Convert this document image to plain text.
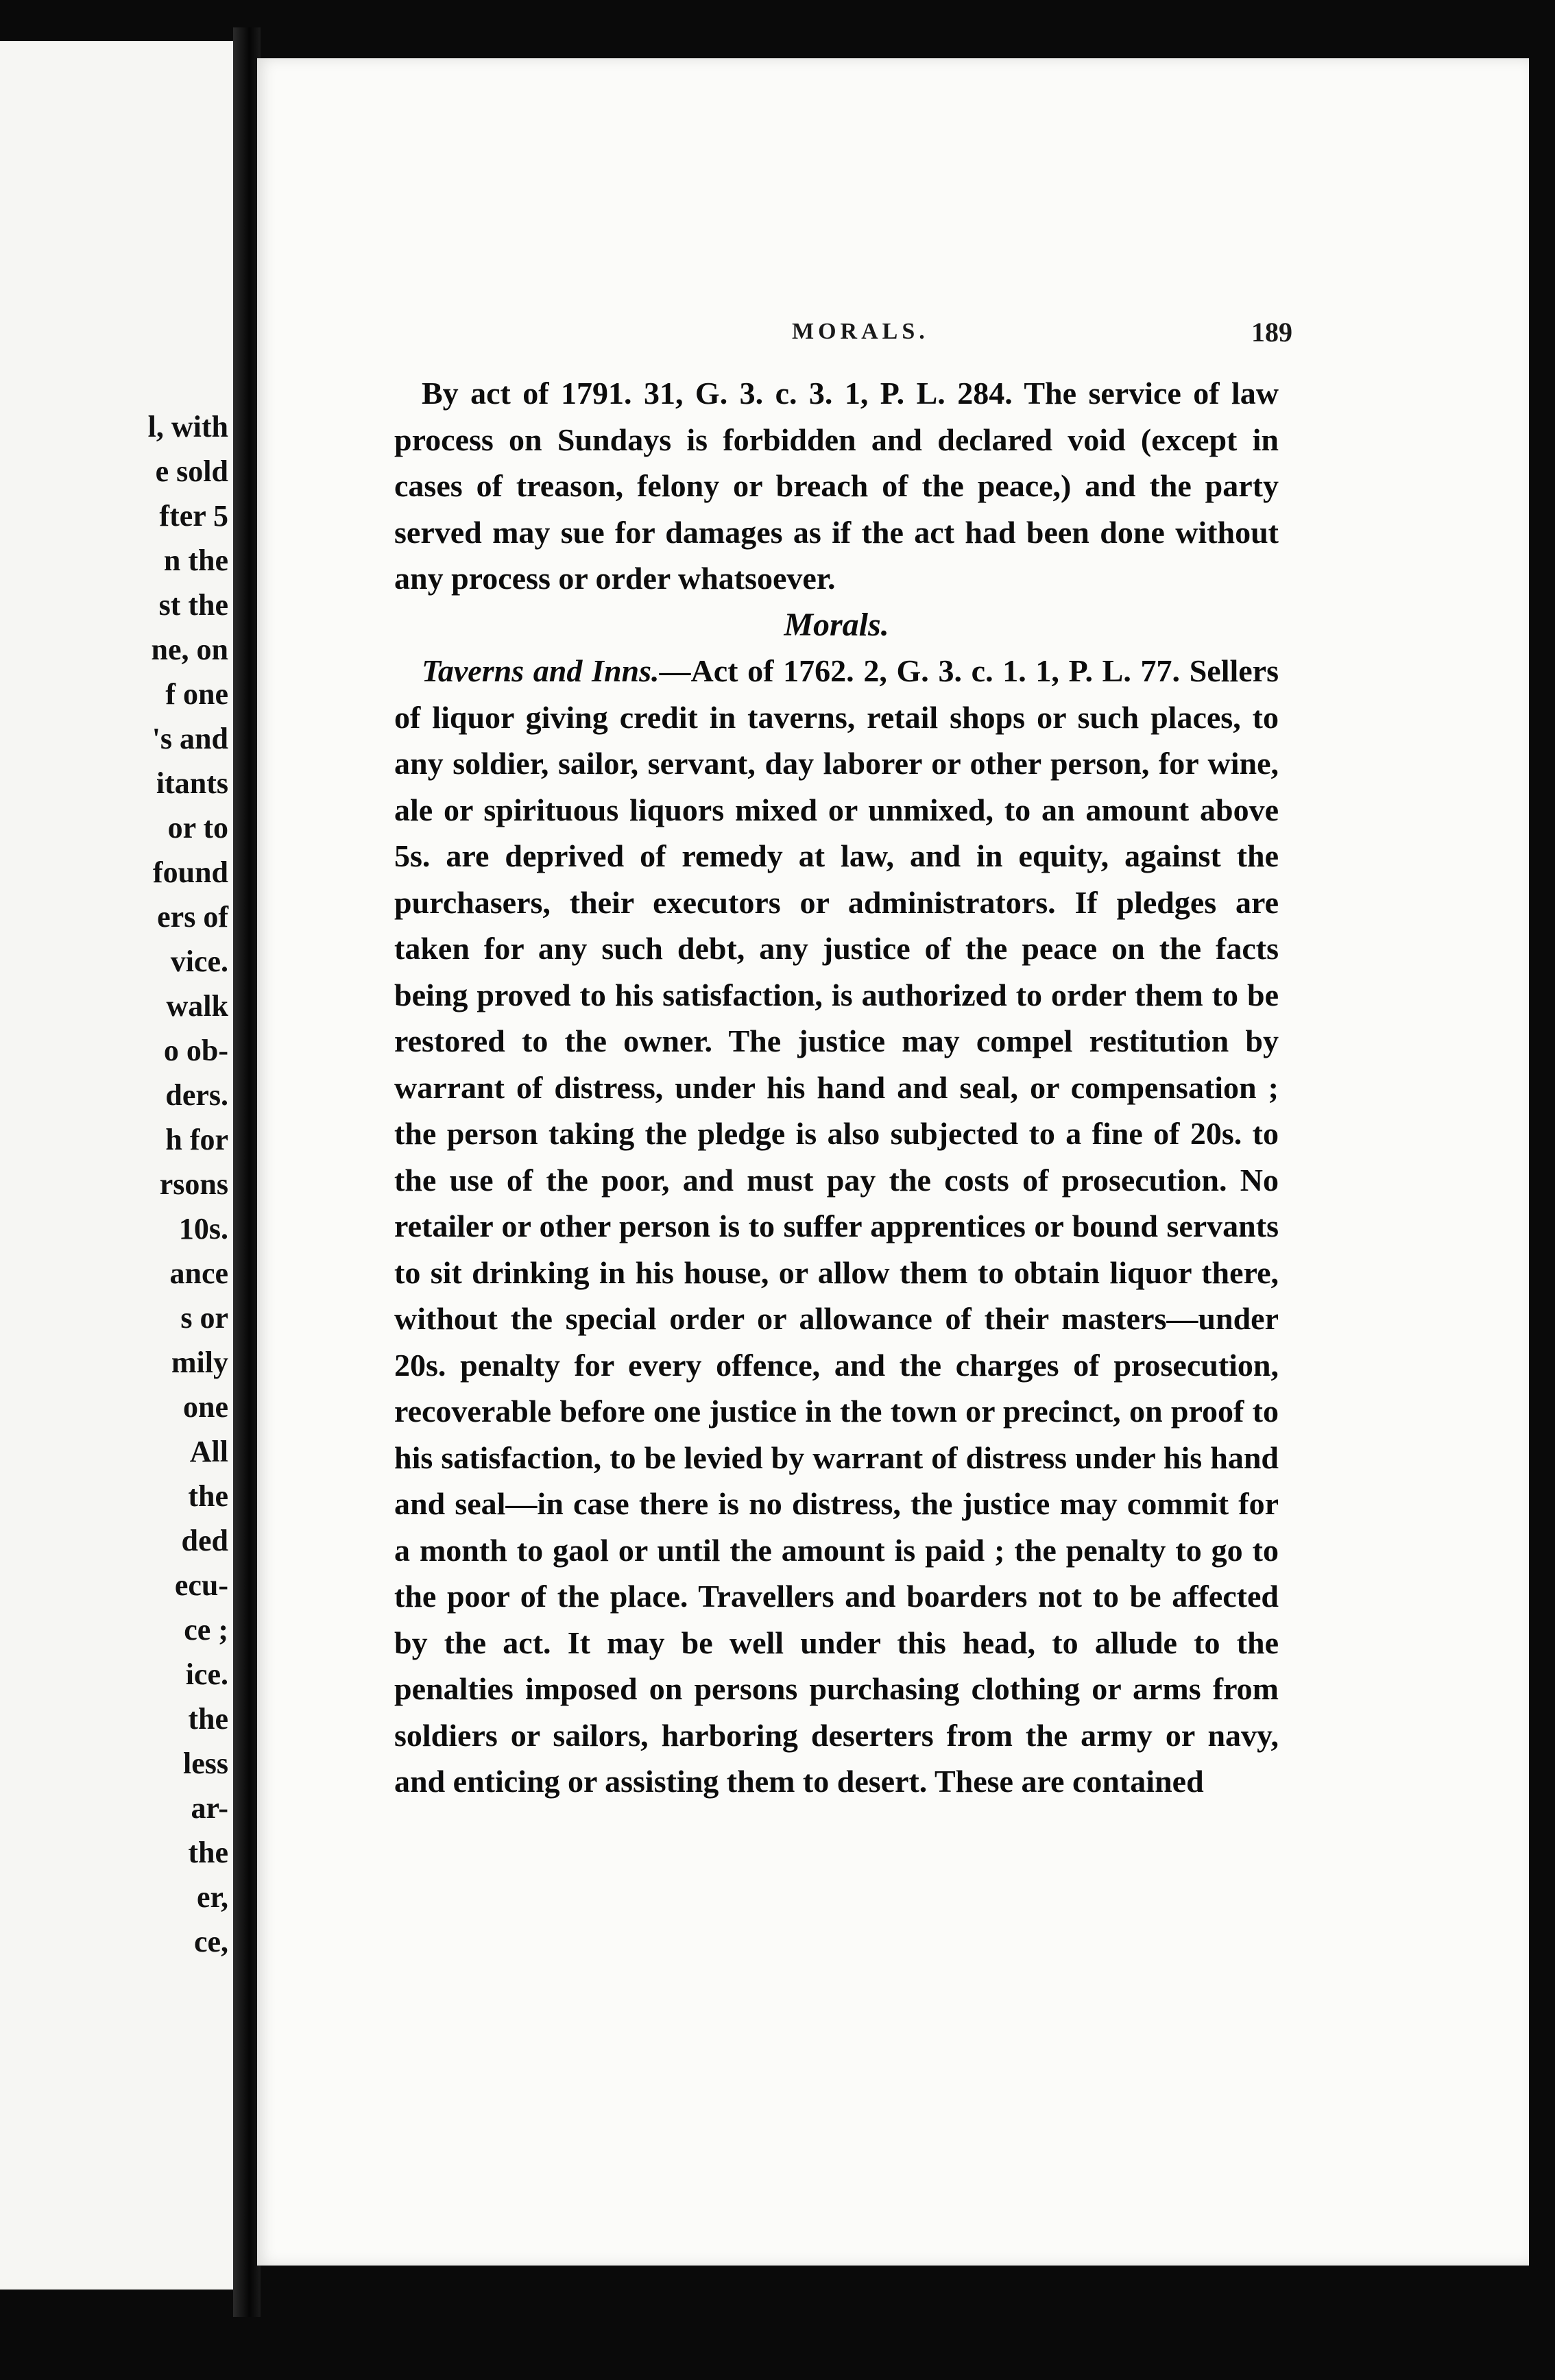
l, with
e sold
fter 5
n the
st the
ne, on
f one
's and
itants
or to
found
ers of
vice.
walk
o ob-
ders.
h for
rsons
10s.
ance
s or
mily
one
All
the
ded
ecu-
ce ;
ice.
the
less
ar-
the
er,
ce,
MORALS.	189

By act of 1791. 31, G. 3. c. 3. 1, P. L. 284. The service of law process on Sundays is forbidden and declared void (except in cases of treason, felony or breach of the peace,) and the party served may sue for damages as if the act had been done without any process or order whatsoever.

Morals.

Taverns and Inns.—Act of 1762. 2, G. 3. c. 1. 1, P. L. 77. Sellers of liquor giving credit in taverns, retail shops or such places, to any soldier, sailor, servant, day laborer or other person, for wine, ale or spirituous liquors mixed or unmixed, to an amount above 5s. are deprived of remedy at law, and in equity, against the purchasers, their executors or administrators. If pledges are taken for any such debt, any justice of the peace on the facts being proved to his satisfaction, is authorized to order them to be restored to the owner. The justice may compel restitution by warrant of distress, under his hand and seal, or compensation ; the person taking the pledge is also subjected to a fine of 20s. to the use of the poor, and must pay the costs of prosecution. No retailer or other person is to suffer apprentices or bound servants to sit drinking in his house, or allow them to obtain liquor there, without the special order or allowance of their masters—under 20s. penalty for every offence, and the charges of prosecution, recoverable before one justice in the town or precinct, on proof to his satisfaction, to be levied by warrant of distress under his hand and seal—in case there is no distress, the justice may commit for a month to gaol or until the amount is paid ; the penalty to go to the poor of the place. Travellers and boarders not to be affected by the act. It may be well under this head, to allude to the penalties imposed on persons purchasing clothing or arms from soldiers or sailors, harboring deserters from the army or navy, and enticing or assisting them to desert. These are contained
